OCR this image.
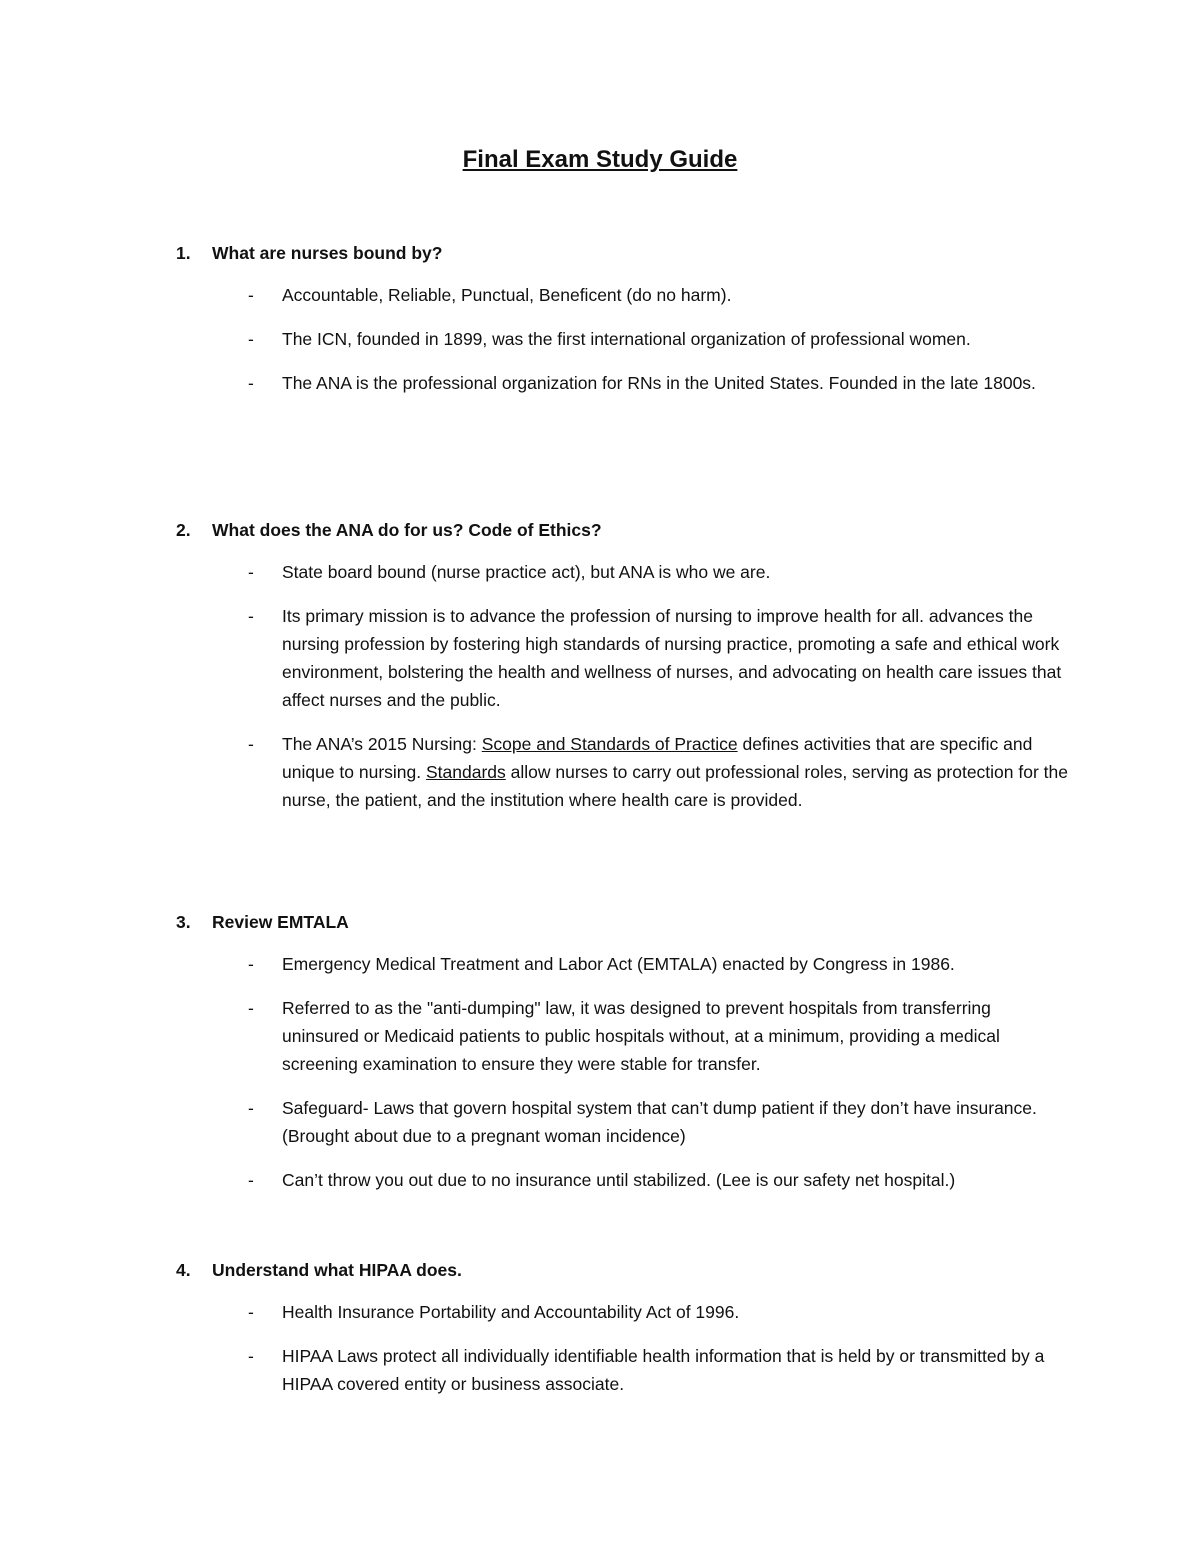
Final Exam Study Guide
1. What are nurses bound by?
- Accountable, Reliable, Punctual, Beneficent (do no harm).
- The ICN, founded in 1899, was the first international organization of professional women.
- The ANA is the professional organization for RNs in the United States. Founded in the late 1800s.
2. What does the ANA do for us? Code of Ethics?
- State board bound (nurse practice act), but ANA is who we are.
- Its primary mission is to advance the profession of nursing to improve health for all. advances the nursing profession by fostering high standards of nursing practice, promoting a safe and ethical work environment, bolstering the health and wellness of nurses, and advocating on health care issues that affect nurses and the public.
- The ANA’s 2015 Nursing: Scope and Standards of Practice defines activities that are specific and unique to nursing. Standards allow nurses to carry out professional roles, serving as protection for the nurse, the patient, and the institution where health care is provided.
3. Review EMTALA
- Emergency Medical Treatment and Labor Act (EMTALA) enacted by Congress in 1986.
- Referred to as the "anti-dumping" law, it was designed to prevent hospitals from transferring uninsured or Medicaid patients to public hospitals without, at a minimum, providing a medical screening examination to ensure they were stable for transfer.
- Safeguard- Laws that govern hospital system that can’t dump patient if they don’t have insurance. (Brought about due to a pregnant woman incidence)
- Can’t throw you out due to no insurance until stabilized. (Lee is our safety net hospital.)
4. Understand what HIPAA does.
- Health Insurance Portability and Accountability Act of 1996.
- HIPAA Laws protect all individually identifiable health information that is held by or transmitted by a HIPAA covered entity or business associate.
